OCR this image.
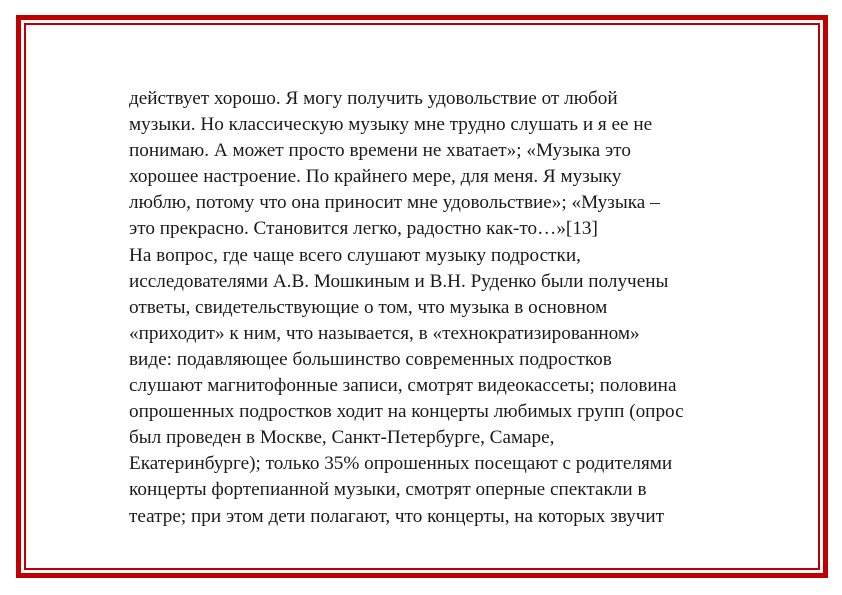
действует хорошо. Я могу получить удовольствие от любой
музыки. Но классическую музыку мне трудно слушать и я ее не
понимаю. А может просто времени не хватает»; «Музыка это
хорошее настроение. По крайнего мере, для меня. Я музыку
люблю, потому что она приносит мне удовольствие»; «Музыка –
это прекрасно. Становится легко, радостно как-то…»[13]
На вопрос, где чаще всего слушают музыку подростки,
исследователями А.В. Мошкиным и В.Н. Руденко были получены
ответы, свидетельствующие о том, что музыка в основном
«приходит» к ним, что называется, в «технократизированном»
виде: подавляющее большинство современных подростков
слушают магнитофонные записи, смотрят видеокассеты; половина
опрошенных подростков ходит на концерты любимых групп (опрос
был проведен в Москве, Санкт-Петербурге, Самаре,
Екатеринбурге); только 35% опрошенных посещают с родителями
концерты фортепианной музыки, смотрят оперные спектакли в
театре; при этом дети полагают, что концерты, на которых звучит
